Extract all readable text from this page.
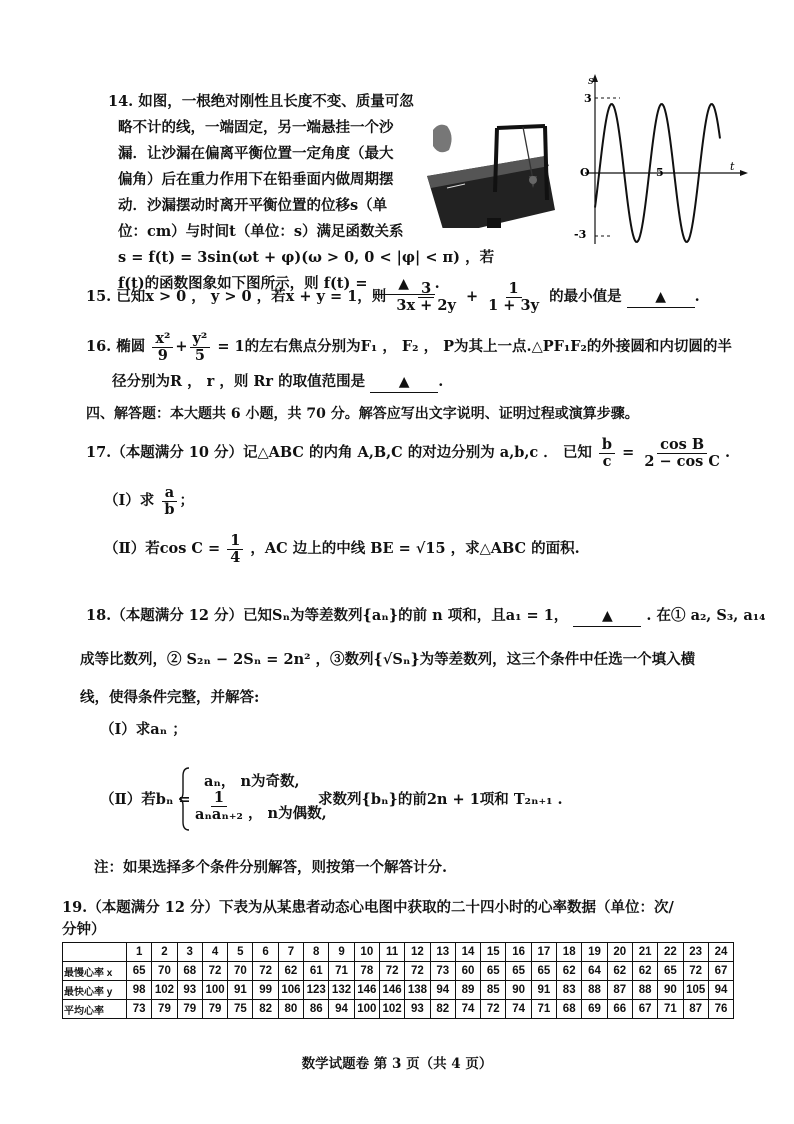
14. 如图，一根绝对刚性且长度不变、质量可忽
略不计的线，一端固定，另一端悬挂一个沙
漏．让沙漏在偏离平衡位置一定角度（最大
偏角）后在重力作用下在铅垂面内做周期摆
动．沙漏摆动时离开平衡位置的位移s（单
位：cm）与时间t（单位：s）满足函数关系
s = f(t) = 3sin(ωt + φ)(ω > 0, 0 < |φ| < π) ，若
f(t)的函数图象如下图所示，则 f(t) = ▲ .
s
t
O
3
-3
5
15. 已知x > 0 ， y > 0 ，若x + y = 1，则 $\frac{3}{3x + 2y} + \frac{1}{1 + 3y}$ 的最小值是 ▲ .
16. 椭圆 $\frac{\text{x²}}{9} + \frac{\text{y²}}{5} = 1$的左右焦点分别为F₁ ， F₂ ， P为其上一点.△PF₁F₂的外接圆和内切圆的半
径分别为R ， r ，则 Rr 的取值范围是 ▲ .
四、解答题：本大题共 6 小题，共 70 分。解答应写出文字说明、证明过程或演算步骤。
17.（本题满分 10 分）记△ABC 的内角 A,B,C 的对边分别为 a,b,c ． 已知 $\frac{b}{c} = \frac{\text{cos B}}{\text{2 − cos C}}$ .
（Ⅰ）求 $\frac{a}{b}$ ；
（Ⅱ）若$\cos C = \frac{1}{4}$ ，AC 边上的中线 BE = √15 ，求△ABC 的面积.
18.（本题满分 12 分）已知Sₙ为等差数列{aₙ}的前 n 项和，且a₁ = 1， ▲ . 在① a₂, S₃, a₁₄
成等比数列，② S₂ₙ − 2Sₙ = 2n² ，③数列{√Sₙ}为等差数列，这三个条件中任选一个填入横
线，使得条件完整，并解答:
（Ⅰ）求aₙ ；
（Ⅱ）若bₙ =
aₙ， n为奇数,
1
aₙaₙ₊₂ ， n为偶数,
求数列{bₙ}的前2n + 1项和 T₂ₙ₊₁ .
注：如果选择多个条件分别解答，则按第一个解答计分.
19.（本题满分 12 分）下表为从某患者动态心电图中获取的二十四小时的心率数据（单位：次/
分钟）
	1	2	3	4	5	6	7	8	9	10	11	12	13	14	15	16	17	18	19	20	21	22	23	24
最慢心率 x	65	70	68	72	70	72	62	61	71	78	72	72	73	60	65	65	65	62	64	62	62	65	72	67
最快心率 y	98	102	93	100	91	99	106	123	132	146	146	138	94	89	85	90	91	83	88	87	88	90	105	94
平均心率	73	79	79	79	75	82	80	86	94	100	102	93	82	74	72	74	71	68	69	66	67	71	87	76
数学试题卷 第 3 页（共 4 页）
